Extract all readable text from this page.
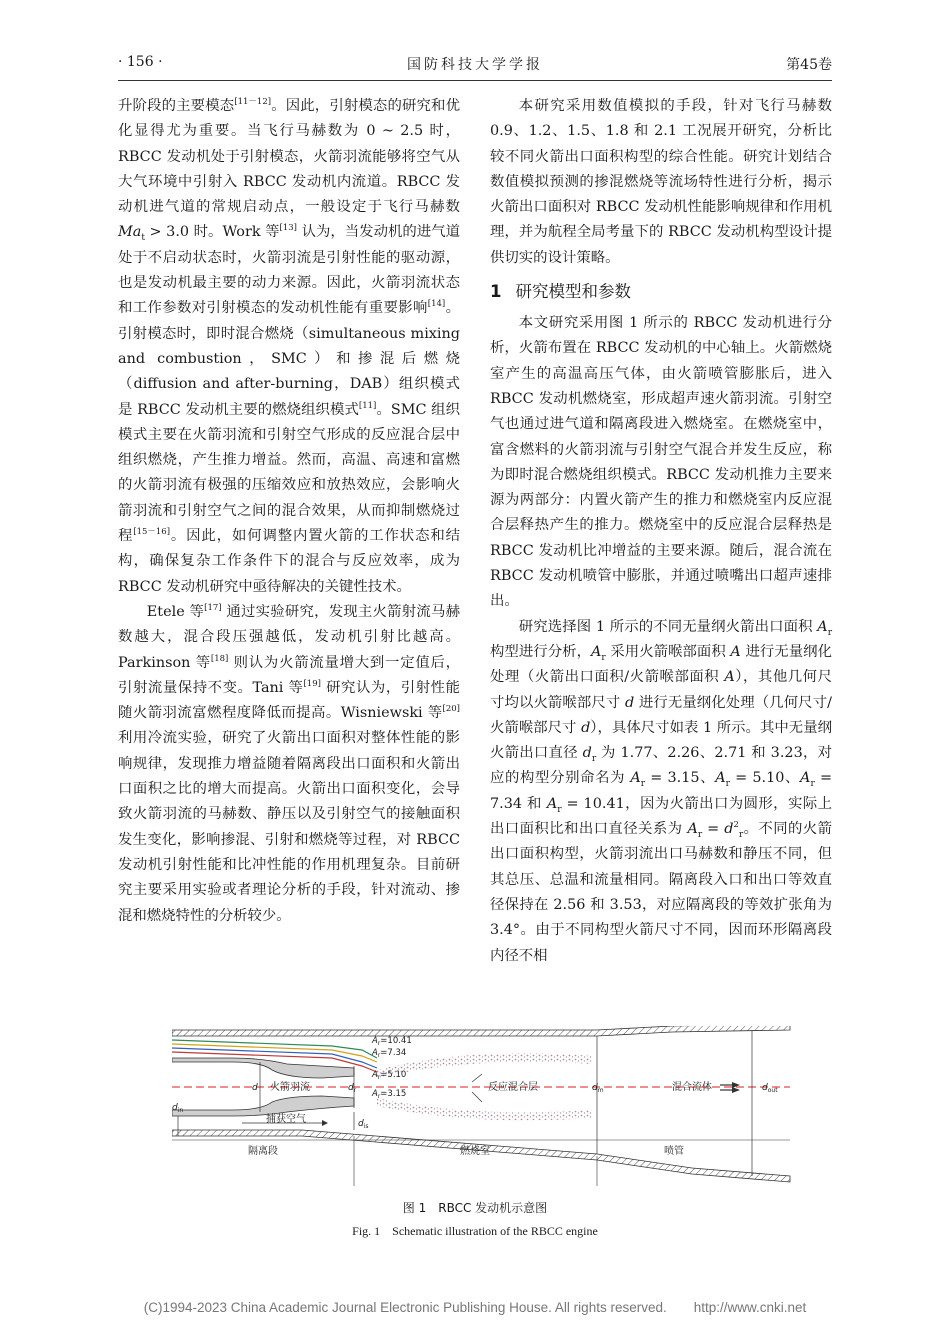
· 156 ·	国防科技大学学报	第45卷

升阶段的主要模态[11－12]。因此，引射模态的研究和优化显得尤为重要。当飞行马赫数为 0 ~ 2.5 时，RBCC 发动机处于引射模态，火箭羽流能够将空气从大气环境中引射入 RBCC 发动机内流道。RBCC 发动机进气道的常规启动点，一般设定于飞行马赫数 $Ma_t > 3.0$ 时。Work 等[13] 认为，当发动机的进气道处于不启动状态时，火箭羽流是引射性能的驱动源，也是发动机最主要的动力来源。因此，火箭羽流状态和工作参数对引射模态的发动机性能有重要影响[14]。引射模态时，即时混合燃烧（simultaneous mixing and combustion，SMC）和掺混后燃烧（diffusion and after-burning，DAB）组织模式是 RBCC 发动机主要的燃烧组织模式[11]。SMC 组织模式主要在火箭羽流和引射空气形成的反应混合层中组织燃烧，产生推力增益。然而，高温、高速和富燃的火箭羽流有极强的压缩效应和放热效应，会影响火箭羽流和引射空气之间的混合效果，从而抑制燃烧过程[15－16]。因此，如何调整内置火箭的工作状态和结构，确保复杂工作条件下的混合与反应效率，成为 RBCC 发动机研究中亟待解决的关键性技术。

Etele 等[17] 通过实验研究，发现主火箭射流马赫数越大，混合段压强越低，发动机引射比越高。Parkinson 等[18] 则认为火箭流量增大到一定值后，引射流量保持不变。Tani 等[19] 研究认为，引射性能随火箭羽流富燃程度降低而提高。Wisniewski 等[20] 利用冷流实验，研究了火箭出口面积对整体性能的影响规律，发现推力增益随着隔离段出口面积和火箭出口面积之比的增大而提高。火箭出口面积变化，会导致火箭羽流的马赫数、静压以及引射空气的接触面积发生变化，影响掺混、引射和燃烧等过程，对 RBCC 发动机引射性能和比冲性能的作用机理复杂。目前研究主要采用实验或者理论分析的手段，针对流动、掺混和燃烧特性的分析较少。

本研究采用数值模拟的手段，针对飞行马赫数 0.9、1.2、1.5、1.8 和 2.1 工况展开研究，分析比较不同火箭出口面积构型的综合性能。研究计划结合数值模拟预测的掺混燃烧等流场特性进行分析，揭示火箭出口面积对 RBCC 发动机性能影响规律和作用机理，并为航程全局考量下的 RBCC 发动机构型设计提供切实的设计策略。

1 研究模型和参数

本文研究采用图 1 所示的 RBCC 发动机进行分析，火箭布置在 RBCC 发动机的中心轴上。火箭燃烧室产生的高温高压气体，由火箭喷管膨胀后，进入 RBCC 发动机燃烧室，形成超声速火箭羽流。引射空气也通过进气道和隔离段进入燃烧室。在燃烧室中，富含燃料的火箭羽流与引射空气混合并发生反应，称为即时混合燃烧组织模式。RBCC 发动机推力主要来源为两部分：内置火箭产生的推力和燃烧室内反应混合层释热产生的推力。燃烧室中的反应混合层释热是 RBCC 发动机比冲增益的主要来源。随后，混合流在 RBCC 发动机喷管中膨胀，并通过喷嘴出口超声速排出。

研究选择图 1 所示的不同无量纲火箭出口面积 $A_r$ 构型进行分析，$A_r$ 采用火箭喉部面积 A 进行无量纲化处理（火箭出口面积/火箭喉部面积 A），其他几何尺寸均以火箭喉部尺寸 d 进行无量纲化处理（几何尺寸/火箭喉部尺寸 d），具体尺寸如表 1 所示。其中无量纲火箭出口直径 $d_r$ 为 1.77、2.26、2.71 和 3.23，对应的构型分别命名为 $A_r = 3.15$、$A_r = 5.10$、$A_r = 7.34$ 和 $A_r = 10.41$，因为火箭出口为圆形，实际上出口面积比和出口直径关系为 $A_r = d^2_r$。不同的火箭出口面积构型，火箭羽流出口马赫数和静压不同，但其总压、总温和流量相同。隔离段入口和出口等效直径保持在 2.56 和 3.53，对应隔离段的等效扩张角为 3.4°。由于不同构型火箭尺寸不同，因而环形隔离段内径不相

$A_r=10.41$
$A_r=7.34$
$A_r=5.10$
$A_r=3.15$
d 火箭羽流	$d_r$
捕获空气
$d_{in}$
$d_{is}$
反应混合层	$d_m$	混合流体	$d_{out}$
隔离段	燃烧室	喷管
图 1　RBCC 发动机示意图
Fig. 1　Schematic illustration of the RBCC engine
(C)1994-2023 China Academic Journal Electronic Publishing House. All rights reserved.　　http://www.cnki.net
